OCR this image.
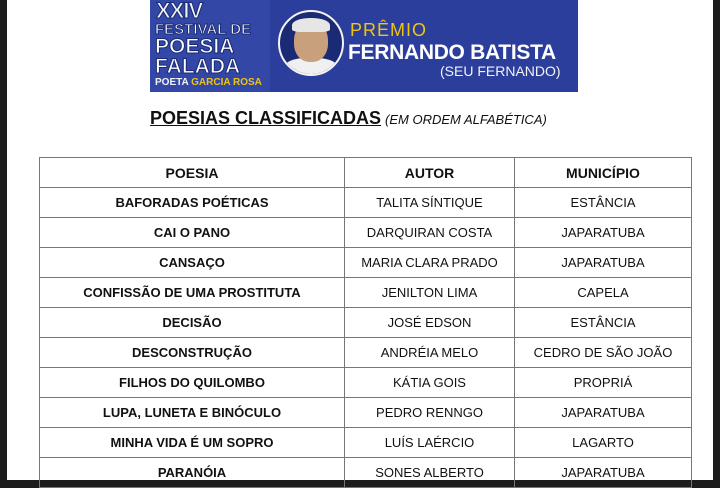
XXIV
FESTIVAL DE
POESIA
FALADA
POETA GARCIA ROSA
PRÊMIO
FERNANDO BATISTA
(SEU FERNANDO)
POESIAS CLASSIFICADAS (EM ORDEM ALFABÉTICA)
POESIA	AUTOR	MUNICÍPIO
BAFORADAS POÉTICAS	TALITA SÍNTIQUE	ESTÂNCIA
CAI O PANO	DARQUIRAN COSTA	JAPARATUBA
CANSAÇO	MARIA CLARA PRADO	JAPARATUBA
CONFISSÃO DE UMA PROSTITUTA	JENILTON LIMA	CAPELA
DECISÃO	JOSÉ EDSON	ESTÂNCIA
DESCONSTRUÇÃO	ANDRÉIA MELO	CEDRO DE SÃO JOÃO
FILHOS DO QUILOMBO	KÁTIA GOIS	PROPRIÁ
LUPA, LUNETA E BINÓCULO	PEDRO RENNGO	JAPARATUBA
MINHA VIDA É UM SOPRO	LUÍS LAÉRCIO	LAGARTO
PARANÓIA	SONES ALBERTO	JAPARATUBA
